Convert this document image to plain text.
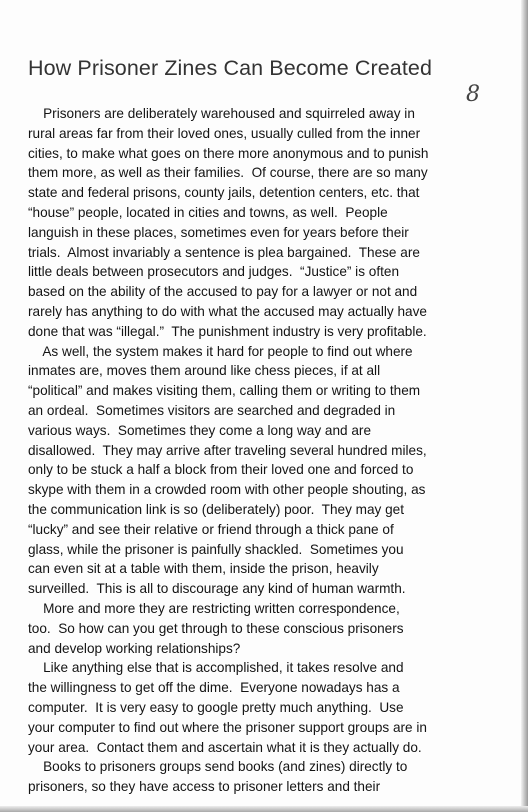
How Prisoner Zines Can Become Created
8

Prisoners are deliberately warehoused and squirreled away in
rural areas far from their loved ones, usually culled from the inner
cities, to make what goes on there more anonymous and to punish
them more, as well as their families.  Of course, there are so many
state and federal prisons, county jails, detention centers, etc. that
“house” people, located in cities and towns, as well.  People
languish in these places, sometimes even for years before their
trials.  Almost invariably a sentence is plea bargained.  These are
little deals between prosecutors and judges.  “Justice” is often
based on the ability of the accused to pay for a lawyer or not and
rarely has anything to do with what the accused may actually have
done that was “illegal.”  The punishment industry is very profitable.

As well, the system makes it hard for people to find out where
inmates are, moves them around like chess pieces, if at all
“political” and makes visiting them, calling them or writing to them
an ordeal.  Sometimes visitors are searched and degraded in
various ways.  Sometimes they come a long way and are
disallowed.  They may arrive after traveling several hundred miles,
only to be stuck a half a block from their loved one and forced to
skype with them in a crowded room with other people shouting, as
the communication link is so (deliberately) poor.  They may get
“lucky” and see their relative or friend through a thick pane of
glass, while the prisoner is painfully shackled.  Sometimes you
can even sit at a table with them, inside the prison, heavily
surveilled.  This is all to discourage any kind of human warmth.

More and more they are restricting written correspondence,
too.  So how can you get through to these conscious prisoners
and develop working relationships?

Like anything else that is accomplished, it takes resolve and
the willingness to get off the dime.  Everyone nowadays has a
computer.  It is very easy to google pretty much anything.  Use
your computer to find out where the prisoner support groups are in
your area.  Contact them and ascertain what it is they actually do.

Books to prisoners groups send books (and zines) directly to
prisoners, so they have access to prisoner letters and their
